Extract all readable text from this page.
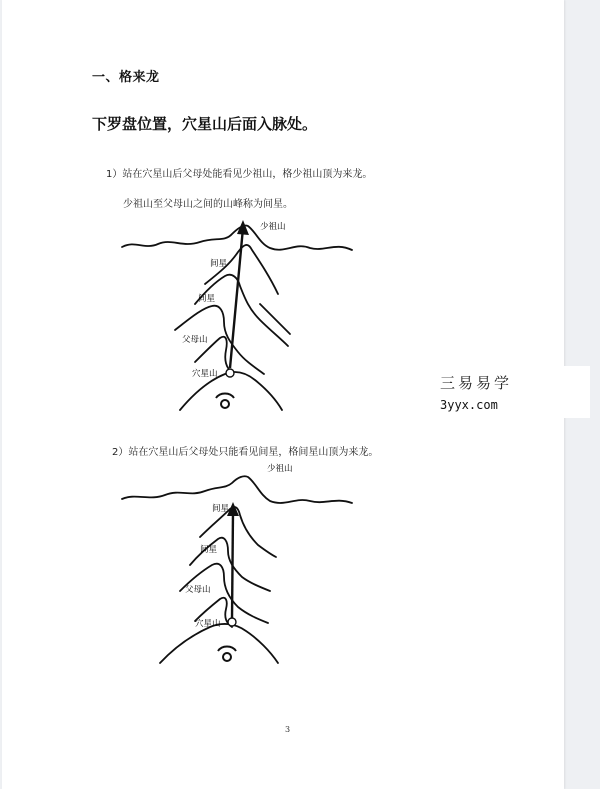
一、格来龙
下罗盘位置，穴星山后面入脉处。
1）站在穴星山后父母处能看见少祖山，格少祖山顶为来龙。
少祖山至父母山之间的山峰称为间星。
少祖山
间星
间星
父母山
穴星山
2）站在穴星山后父母处只能看见间星，格间星山顶为来龙。
少祖山
间星
间星
父母山
穴星山
3
三易易学
3yyx.com
